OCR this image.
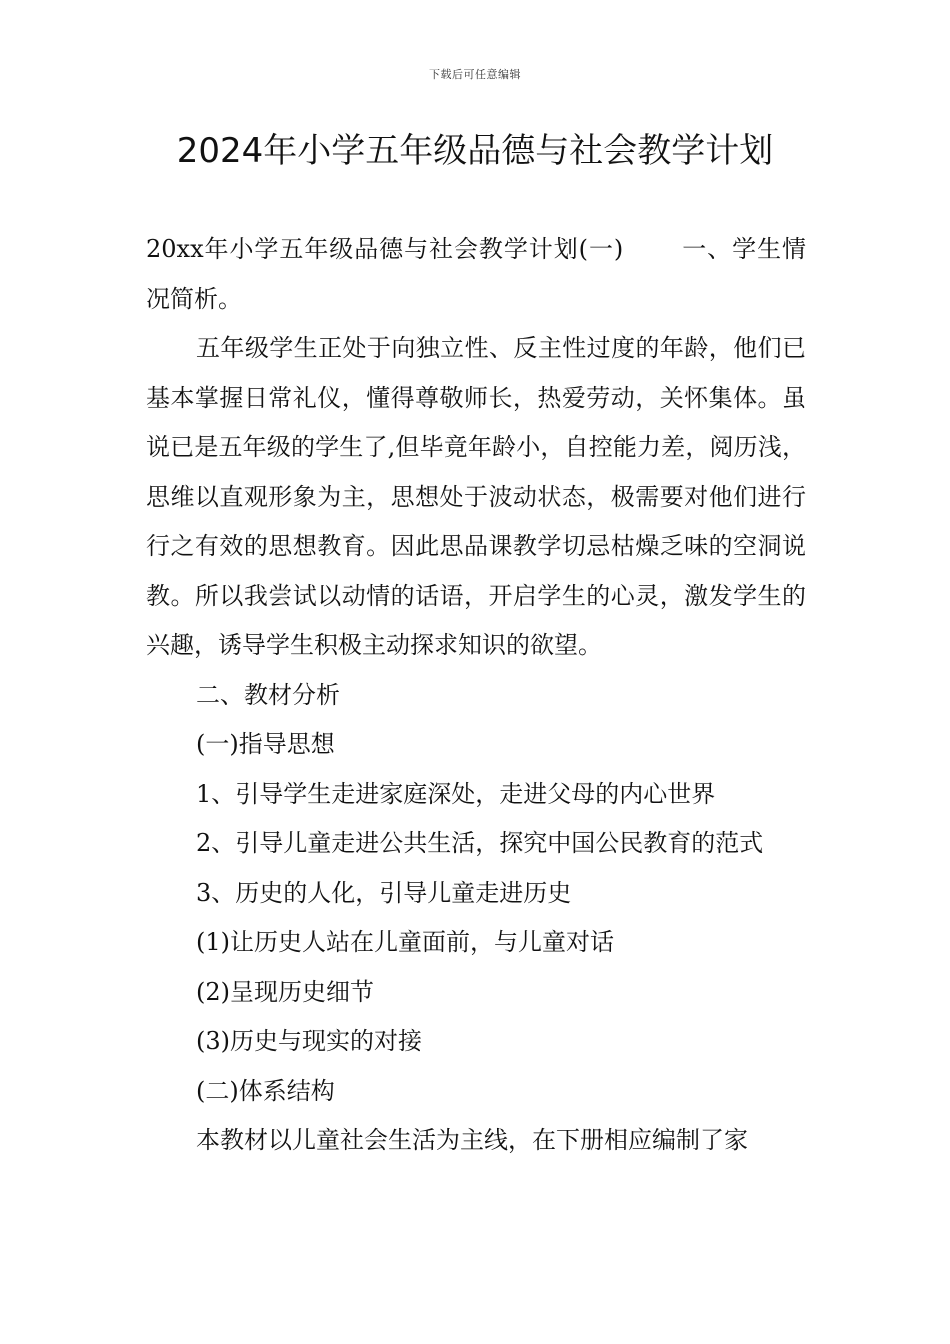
下载后可任意编辑
2024年小学五年级品德与社会教学计划

20xx年小学五年级品德与社会教学计划(一) 一、学生情况简析。

五年级学生正处于向独立性、反主性过度的年龄，他们已基本掌握日常礼仪，懂得尊敬师长，热爱劳动，关怀集体。虽说已是五年级的学生了,但毕竟年龄小，自控能力差，阅历浅，思维以直观形象为主，思想处于波动状态，极需要对他们进行行之有效的思想教育。因此思品课教学切忌枯燥乏味的空洞说教。所以我尝试以动情的话语，开启学生的心灵，激发学生的兴趣，诱导学生积极主动探求知识的欲望。

二、教材分析

(一)指导思想

1、引导学生走进家庭深处，走进父母的内心世界

2、引导儿童走进公共生活，探究中国公民教育的范式

3、历史的人化，引导儿童走进历史

(1)让历史人站在儿童面前，与儿童对话

(2)呈现历史细节

(3)历史与现实的对接

(二)体系结构

本教材以儿童社会生活为主线，在下册相应编制了家
